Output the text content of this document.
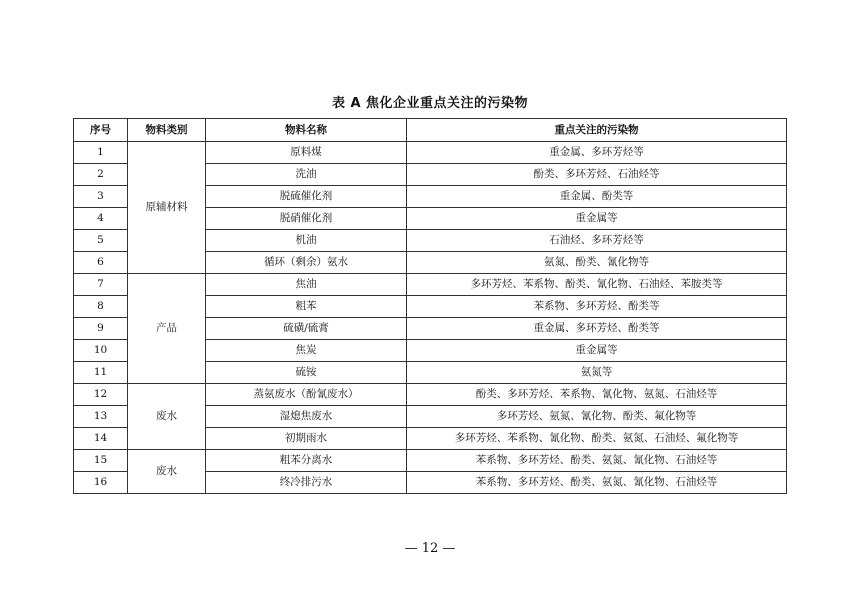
表 A 焦化企业重点关注的污染物
序号	物料类别	物料名称	重点关注的污染物
1	原辅材料	原料煤	重金属、多环芳烃等
2		洗油	酚类、多环芳烃、石油烃等
3		脱硫催化剂	重金属、酚类等
4		脱硝催化剂	重金属等
5		机油	石油烃、多环芳烃等
6		循环（剩余）氨水	氨氮、酚类、氰化物等
7	产品	焦油	多环芳烃、苯系物、酚类、氰化物、石油烃、苯胺类等
8		粗苯	苯系物、多环芳烃、酚类等
9		硫磺/硫膏	重金属、多环芳烃、酚类等
10		焦炭	重金属等
11		硫铵	氨氮等
12	废水	蒸氨废水（酚氰废水）	酚类、多环芳烃、苯系物、氰化物、氨氮、石油烃等
13		湿熄焦废水	多环芳烃、氨氮、氰化物、酚类、氟化物等
14		初期雨水	多环芳烃、苯系物、氰化物、酚类、氨氮、石油烃、氟化物等
15	废水	粗苯分离水	苯系物、多环芳烃、酚类、氨氮、氰化物、石油烃等
16		终冷排污水	苯系物、多环芳烃、酚类、氨氮、氰化物、石油烃等
— 12 —
